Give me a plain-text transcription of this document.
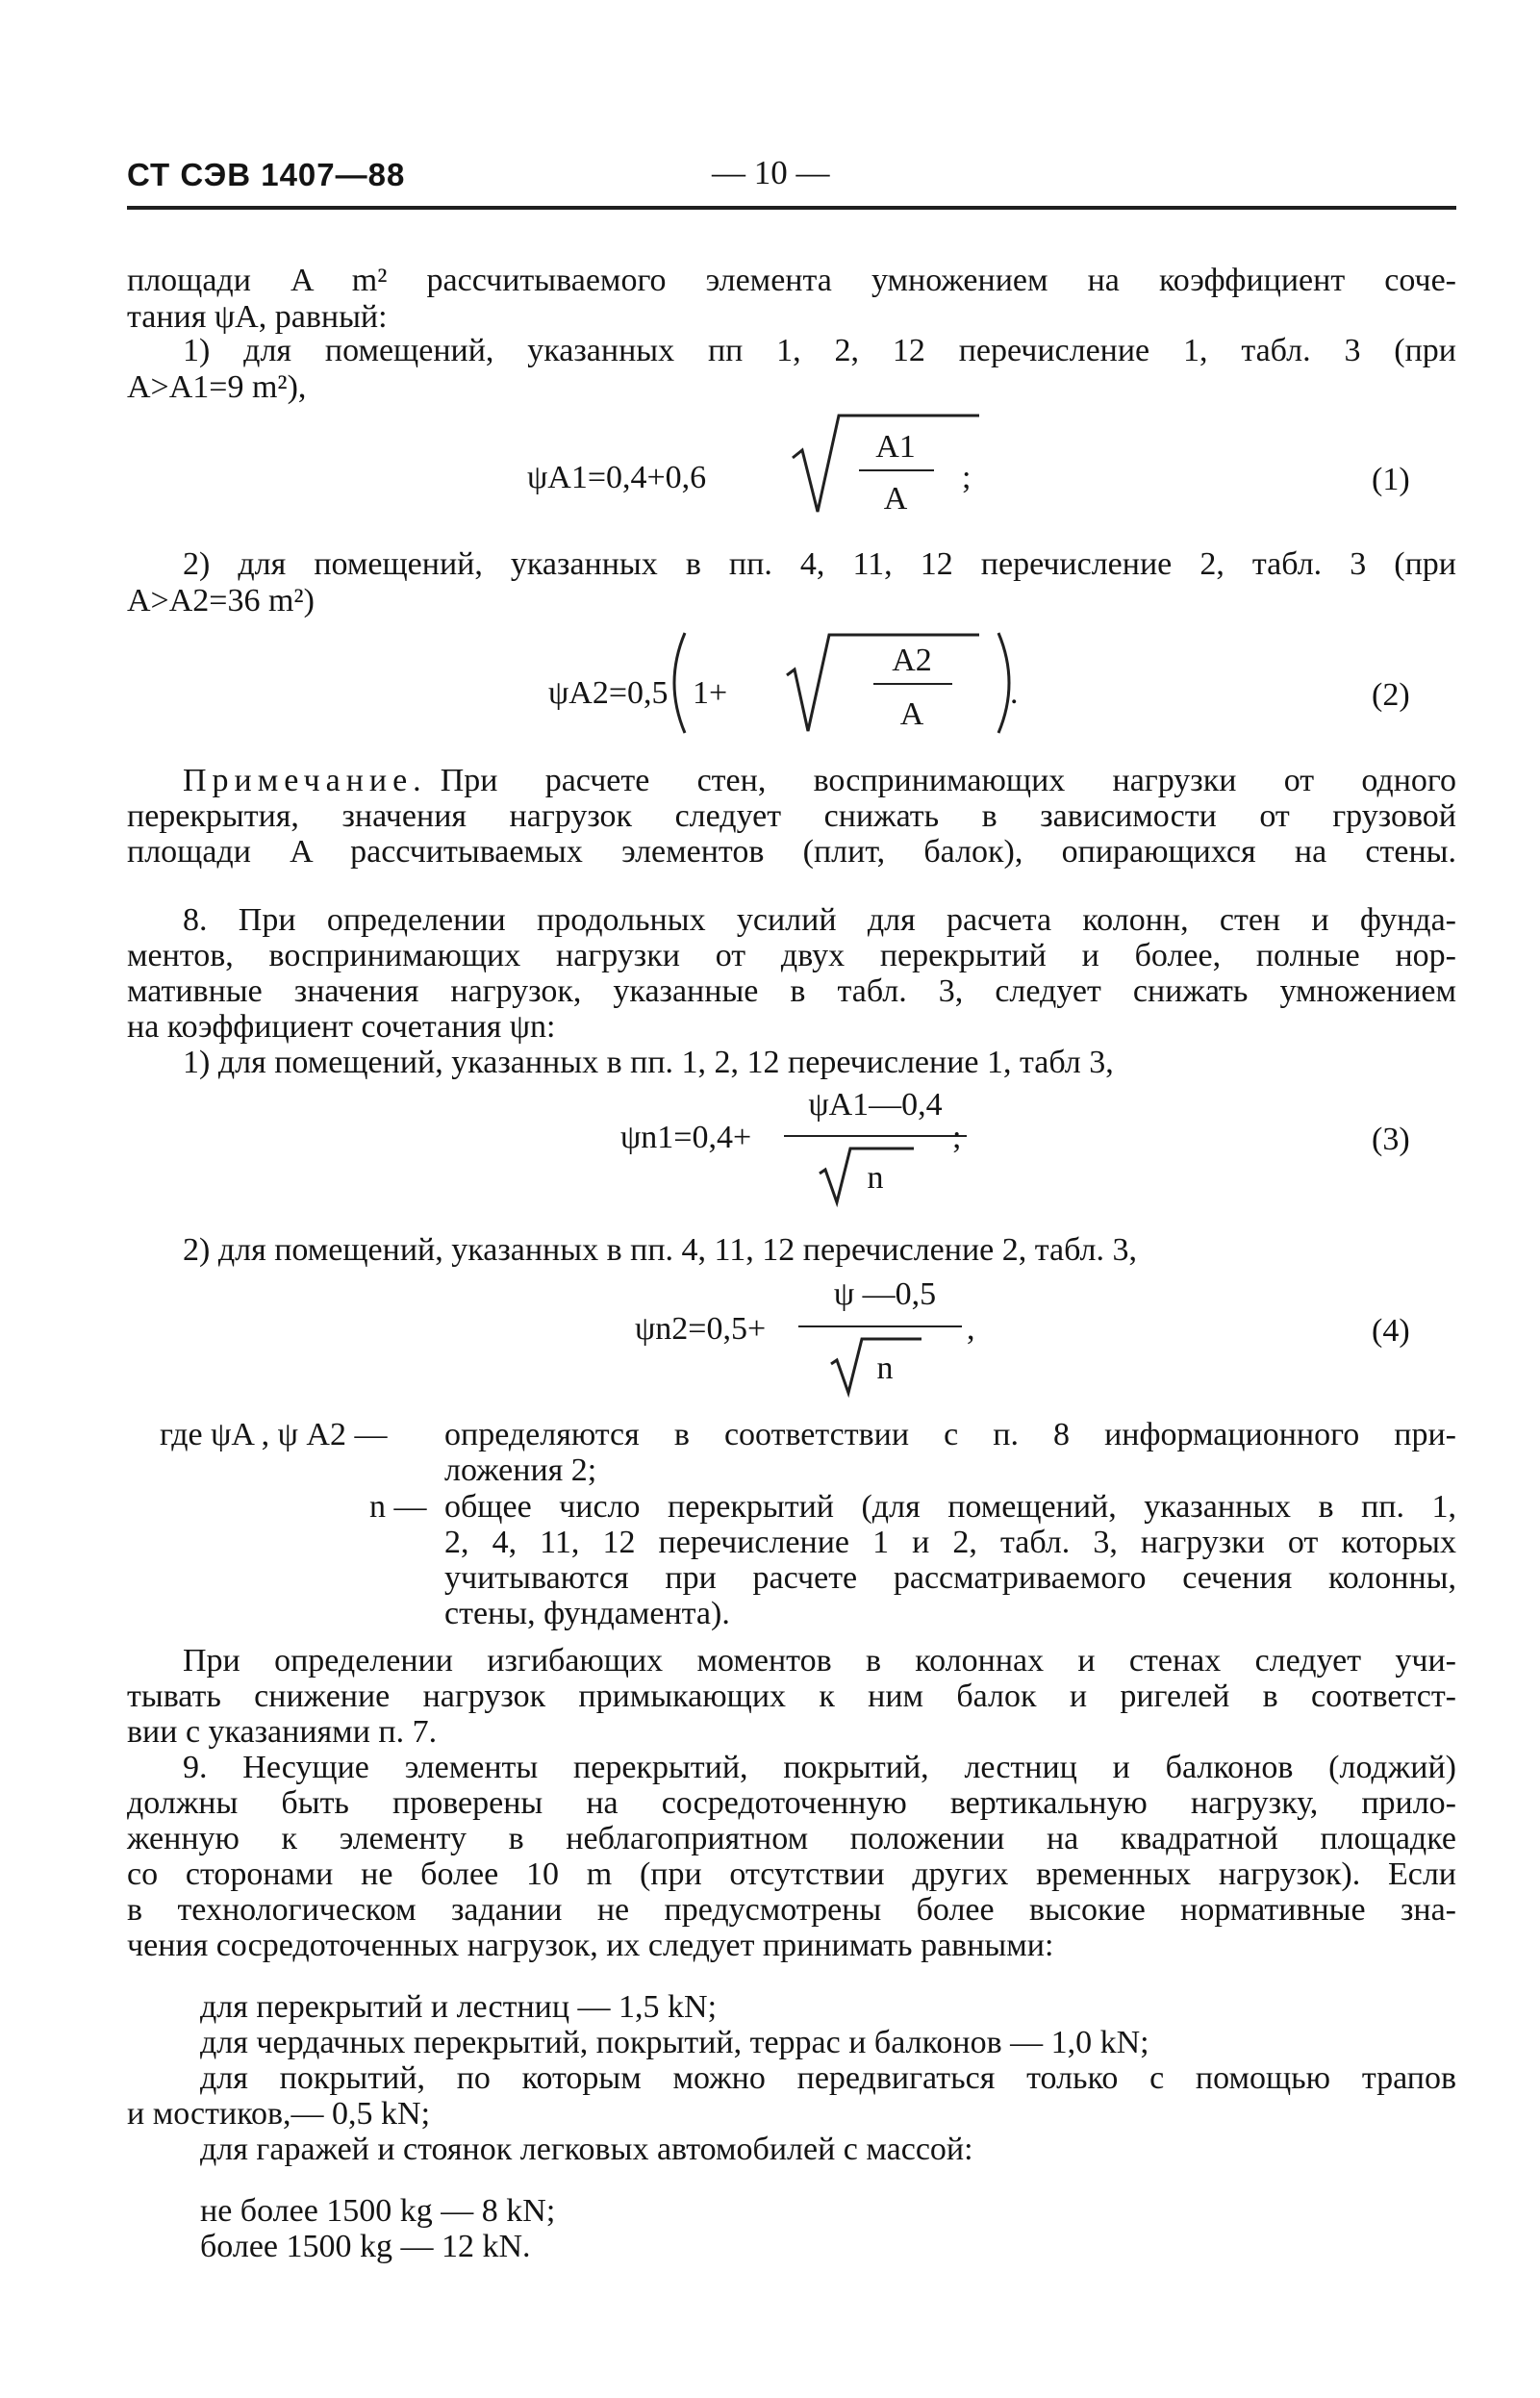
СТ СЭВ 1407—88	— 10 —
площади A m² рассчитываемого элемента умножением на коэффициент соче-
тания ψA, равный:
1) для помещений, указанных пп 1, 2, 12 перечисление 1, табл. 3 (при
A>A1=9 m²),
ψA1=0,4+0,6
A1
A
;	(1)
2) для помещений, указанных в пп. 4, 11, 12 перечисление 2, табл. 3 (при
A>A2=36 m²)
ψA2=0,5 1+
A2
A
.	(2)
Примечание. При расчете стен, воспринимающих нагрузки от одного
перекрытия, значения нагрузок следует снижать в зависимости от грузовой
площади A рассчитываемых элементов (плит, балок), опирающихся на стены.
8. При определении продольных усилий для расчета колонн, стен и фунда-
ментов, воспринимающих нагрузки от двух перекрытий и более, полные нор-
мативные значения нагрузок, указанные в табл. 3, следует снижать умножением
на коэффициент сочетания ψn:
1) для помещений, указанных в пп. 1, 2, 12 перечисление 1, табл 3,
ψn1=0,4+
ψA1—0,4
n
;	(3)
2) для помещений, указанных в пп. 4, 11, 12 перечисление 2, табл. 3,
ψn2=0,5+
ψ —0,5
n
,	(4)
где ψA , ψ A2 — определяются в соответствии с п. 8 информационного при-
ложения 2;
n — общее число перекрытий (для помещений, указанных в пп. 1,
2, 4, 11, 12 перечисление 1 и 2, табл. 3, нагрузки от которых
учитываются при расчете рассматриваемого сечения колонны,
стены, фундамента).
При определении изгибающих моментов в колоннах и стенах следует учи-
тывать снижение нагрузок примыкающих к ним балок и ригелей в соответст-
вии с указаниями п. 7.
9. Несущие элементы перекрытий, покрытий, лестниц и балконов (лоджий)
должны быть проверены на сосредоточенную вертикальную нагрузку, прило-
женную к элементу в неблагоприятном положении на квадратной площадке
со сторонами не более 10 m (при отсутствии других временных нагрузок). Если
в технологическом задании не предусмотрены более высокие нормативные зна-
чения сосредоточенных нагрузок, их следует принимать равными:
для перекрытий и лестниц — 1,5 kN;
для чердачных перекрытий, покрытий, террас и балконов — 1,0 kN;
для покрытий, по которым можно передвигаться только с помощью трапов
и мостиков,— 0,5 kN;
для гаражей и стоянок легковых автомобилей с массой:
не более 1500 kg — 8 kN;
более 1500 kg — 12 kN.
